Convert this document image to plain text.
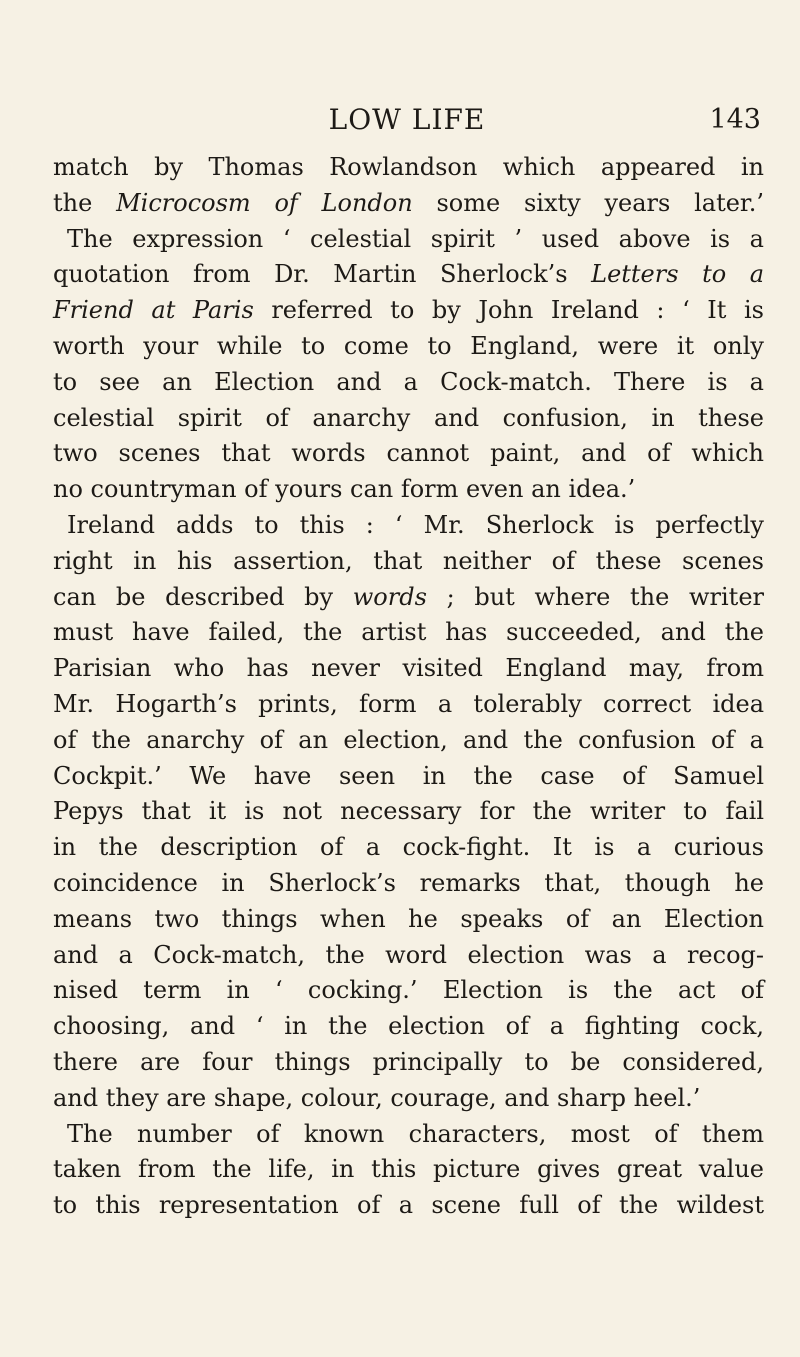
LOW LIFE	143
match by Thomas Rowlandson which appeared in
the Microcosm of London some sixty years later.’
The expression ‘ celestial spirit ’ used above is a
quotation from Dr. Martin Sherlock’s Letters to a
Friend at Paris referred to by John Ireland : ‘ It is
worth your while to come to England, were it only
to see an Election and a Cock-match. There is a
celestial spirit of anarchy and confusion, in these
two scenes that words cannot paint, and of which
no countryman of yours can form even an idea.’
Ireland adds to this : ‘ Mr. Sherlock is perfectly
right in his assertion, that neither of these scenes
can be described by words ; but where the writer
must have failed, the artist has succeeded, and the
Parisian who has never visited England may, from
Mr. Hogarth’s prints, form a tolerably correct idea
of the anarchy of an election, and the confusion of a
Cockpit.’ We have seen in the case of Samuel
Pepys that it is not necessary for the writer to fail
in the description of a cock-fight. It is a curious
coincidence in Sherlock’s remarks that, though he
means two things when he speaks of an Election
and a Cock-match, the word election was a recog-
nised term in ‘ cocking.’ Election is the act of
choosing, and ‘ in the election of a fighting cock,
there are four things principally to be considered,
and they are shape, colour, courage, and sharp heel.’
The number of known characters, most of them
taken from the life, in this picture gives great value
to this representation of a scene full of the wildest
